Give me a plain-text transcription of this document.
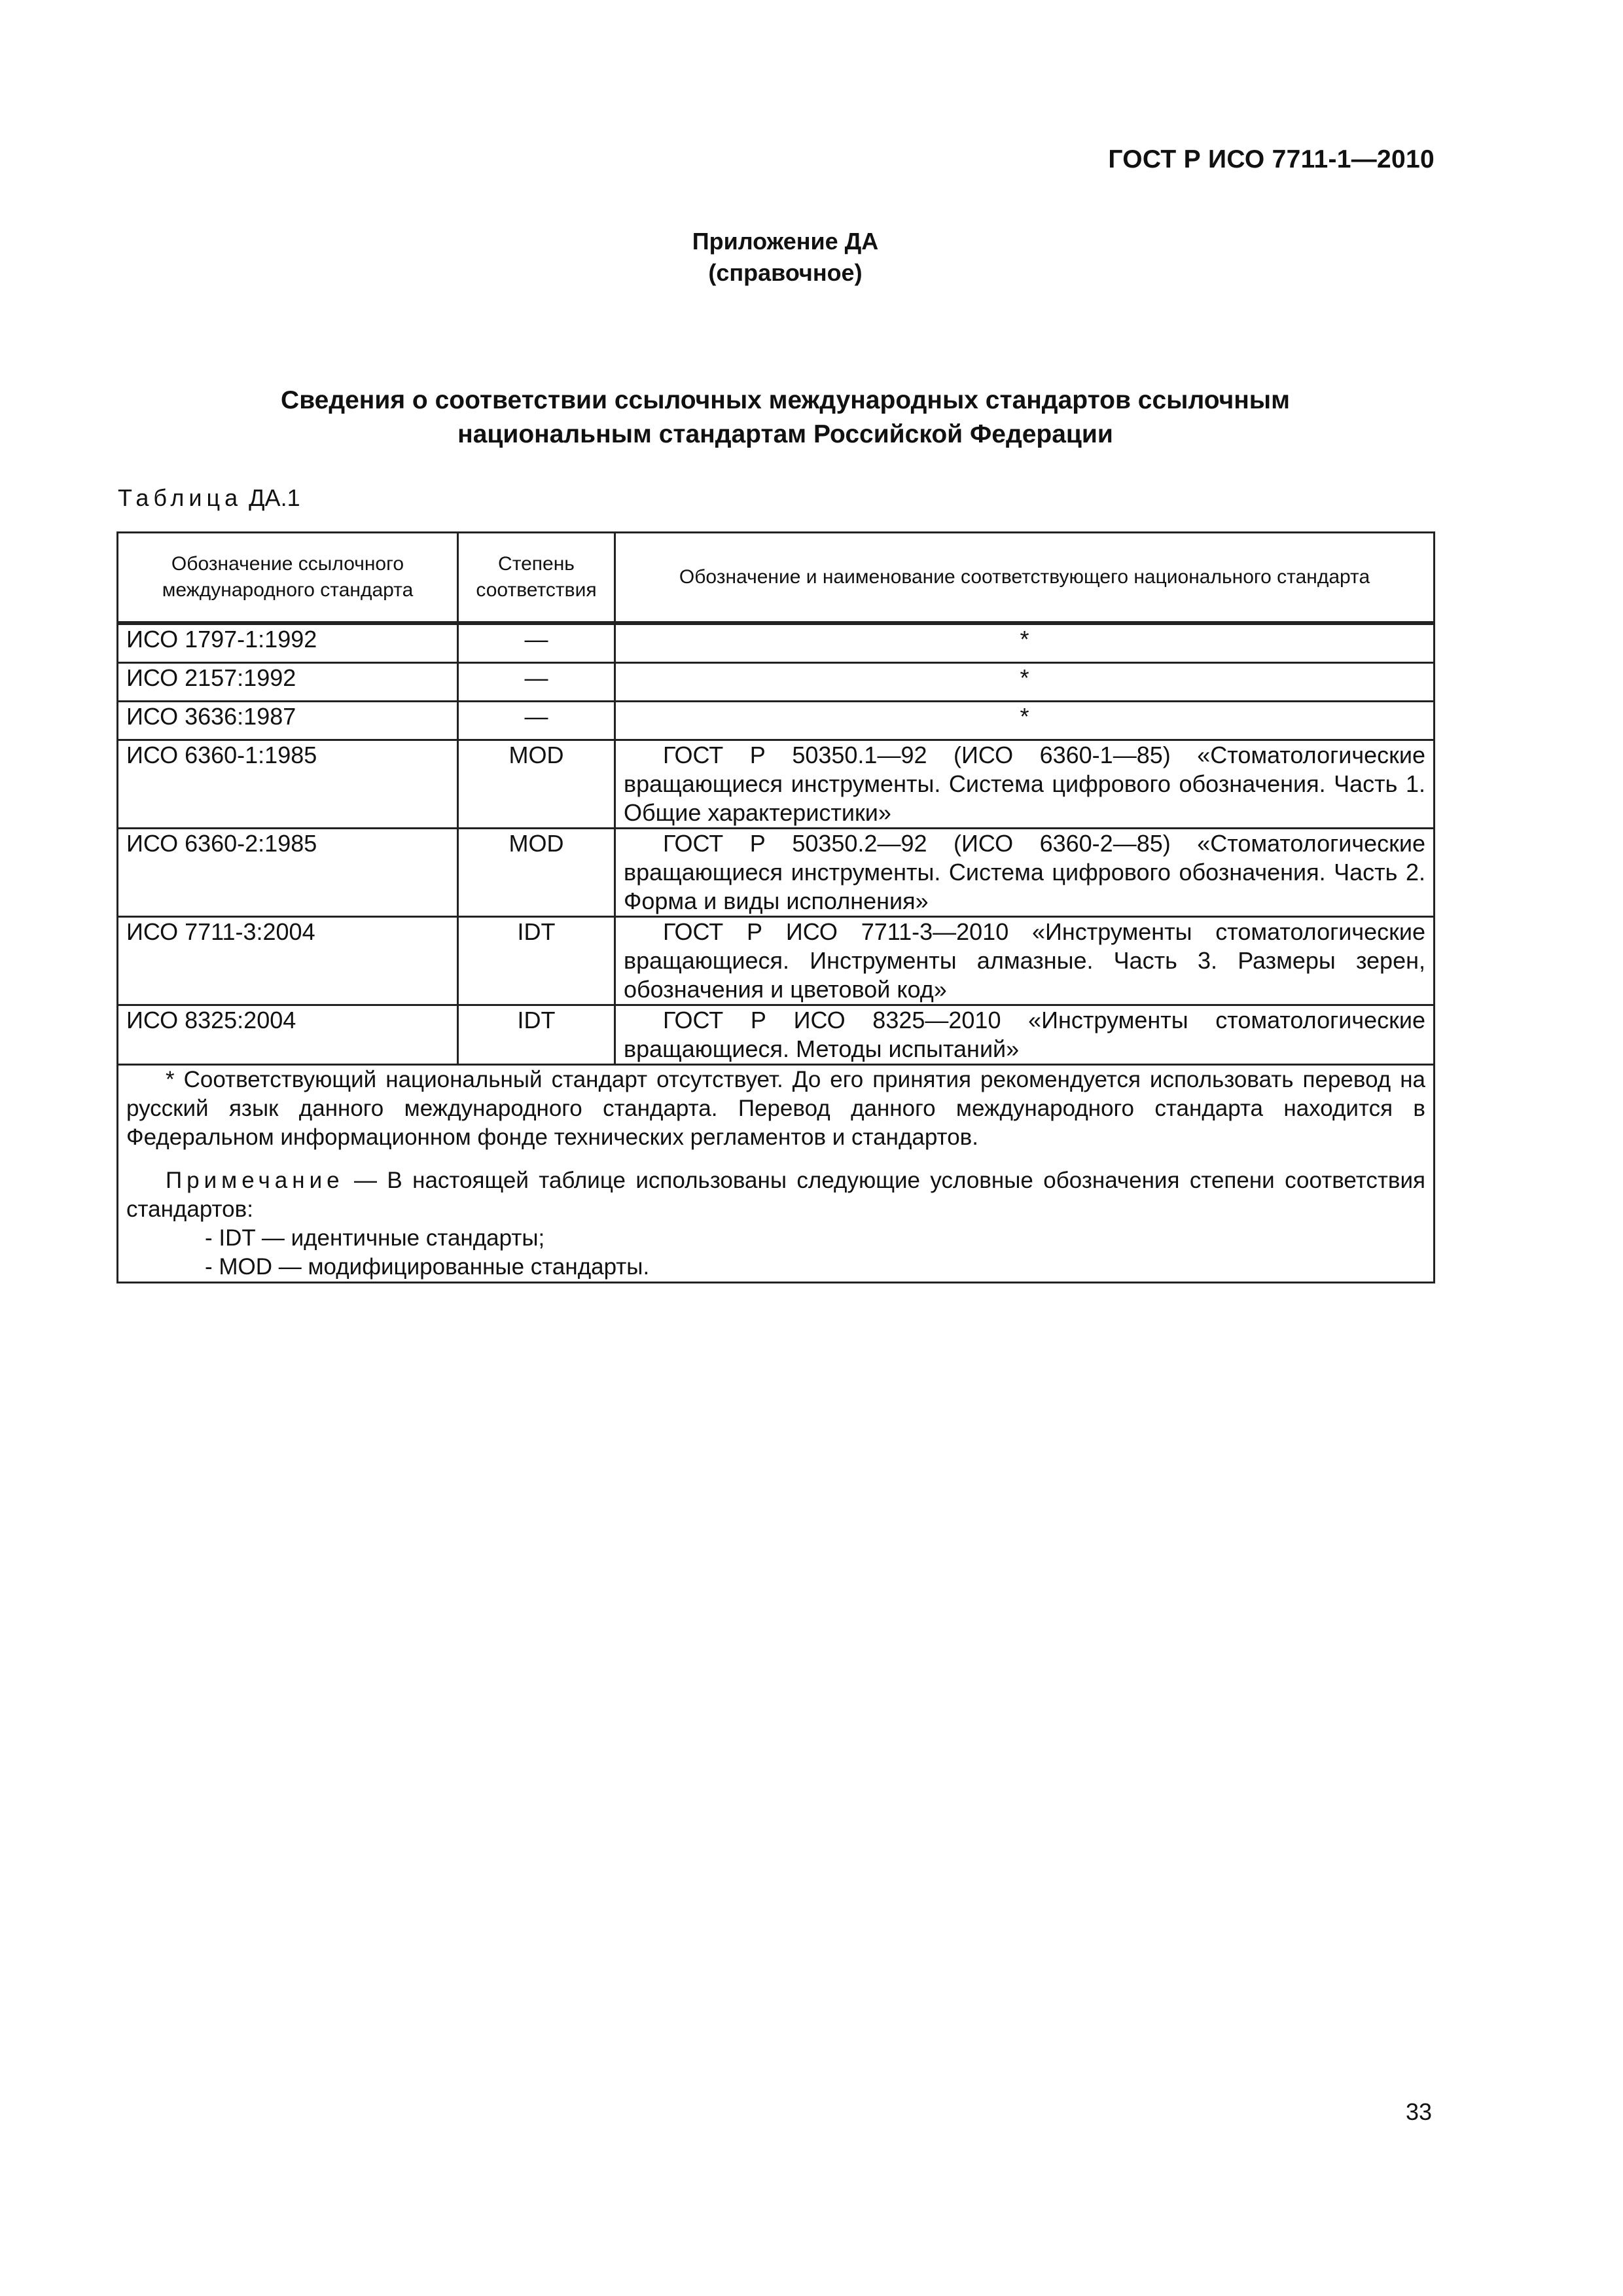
ГОСТ Р ИСО 7711-1—2010
Приложение ДА
(справочное)
Сведения о соответствии ссылочных международных стандартов ссылочным
национальным стандартам Российской Федерации
Таблица ДА.1
Обозначение ссылочного международного стандарта	Степень соответствия	Обозначение и наименование соответствующего национального стандарта
ИСО 1797-1:1992	—	*
ИСО 2157:1992	—	*
ИСО 3636:1987	—	*
ИСО 6360-1:1985	MOD	ГОСТ Р 50350.1—92 (ИСО 6360-1—85) «Стоматологические вращающиеся инструменты. Система цифрового обозначения. Часть 1. Общие характеристики»
ИСО 6360-2:1985	MOD	ГОСТ Р 50350.2—92 (ИСО 6360-2—85) «Стоматологические вращающиеся инструменты. Система цифрового обозначения. Часть 2. Форма и виды исполнения»
ИСО 7711-3:2004	IDT	ГОСТ Р ИСО 7711-3—2010 «Инструменты стоматологические вращающиеся. Инструменты алмазные. Часть 3. Размеры зерен, обозначения и цветовой код»
ИСО 8325:2004	IDT	ГОСТ Р ИСО 8325—2010 «Инструменты стоматологические вращающиеся. Методы испытаний»

* Соответствующий национальный стандарт отсутствует. До его принятия рекомендуется использовать перевод на русский язык данного международного стандарта. Перевод данного международного стандарта находится в Федеральном информационном фонде технических регламентов и стандартов.

Примечание — В настоящей таблице использованы следующие условные обозначения степени соответствия стандартов:

- IDT — идентичные стандарты;
- MOD — модифицированные стандарты.		
33
